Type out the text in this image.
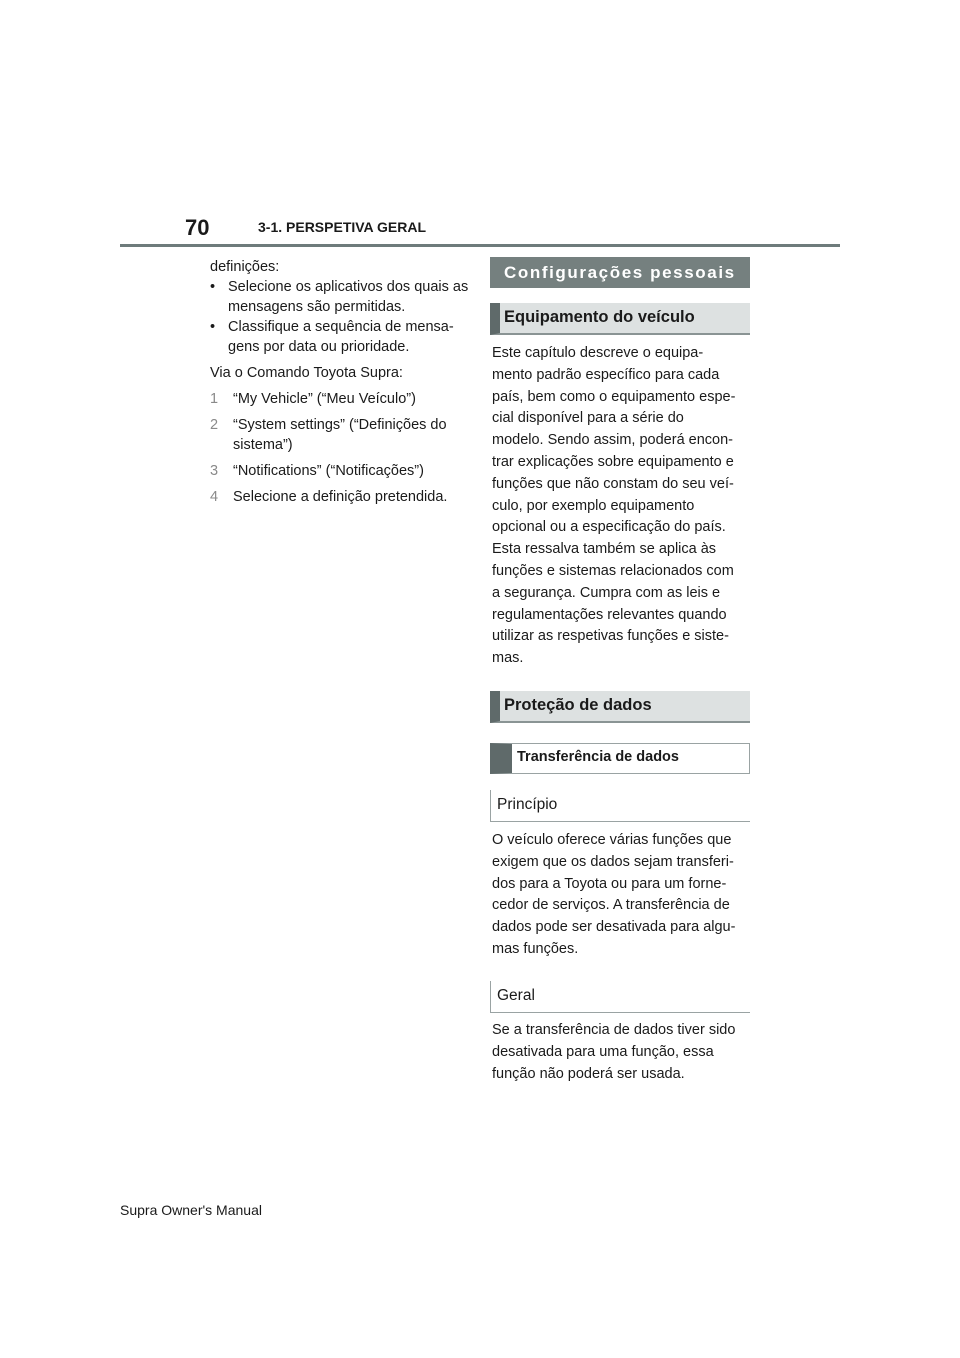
70	3-1. PERSPETIVA GERAL

definições:

• Selecione os aplicativos dos quais as mensagens são permitidas.

• Classifique a sequência de mensa-gens por data ou prioridade.

Via o Comando Toyota Supra:

1 “My Vehicle” (“Meu Veículo”)

2 “System settings” (“Definições do sistema”)

3 “Notifications” (“Notificações”)

4 Selecione a definição pretendida.

Configurações pessoais
Equipamento do veículo

Este capítulo descreve o equipa-

mento padrão específico para cada

país, bem como o equipamento espe-

cial disponível para a série do

modelo. Sendo assim, poderá encon-

trar explicações sobre equipamento e

funções que não constam do seu veí-

culo, por exemplo equipamento

opcional ou a especificação do país.

Esta ressalva também se aplica às

funções e sistemas relacionados com

a segurança. Cumpra com as leis e

regulamentações relevantes quando

utilizar as respetivas funções e siste-

mas.

Proteção de dados
Transferência de dados
Princípio

O veículo oferece várias funções que

exigem que os dados sejam transferi-

dos para a Toyota ou para um forne-

cedor de serviços. A transferência de

dados pode ser desativada para algu-

mas funções.

Geral

Se a transferência de dados tiver sido

desativada para uma função, essa

função não poderá ser usada.

Supra Owner's Manual
